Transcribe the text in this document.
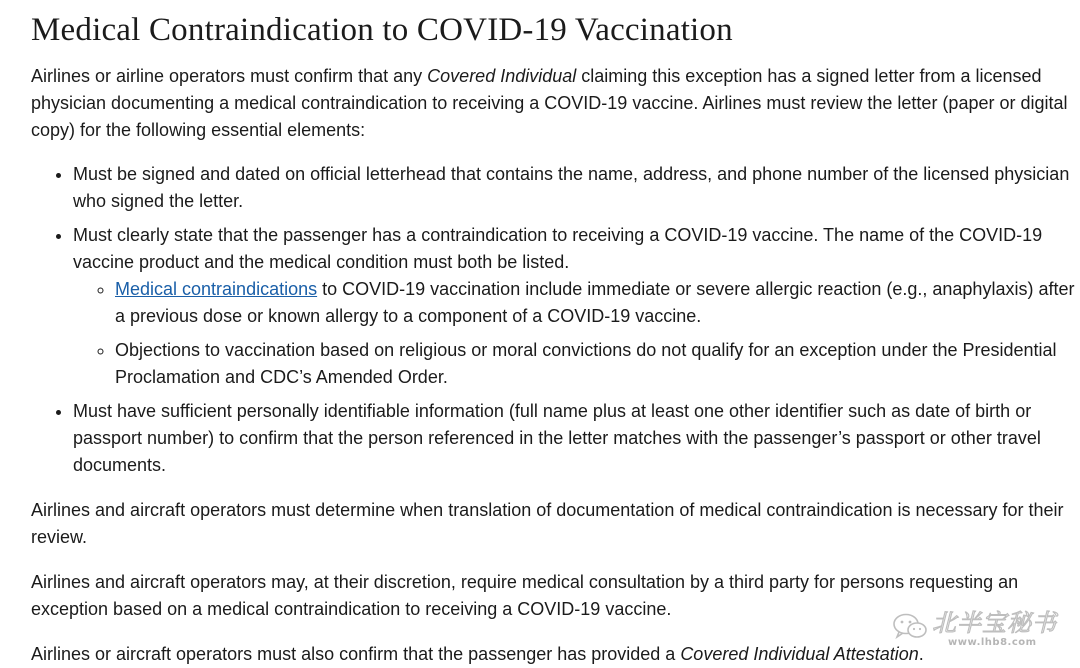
Medical Contraindication to COVID-19 Vaccination

Airlines or airline operators must confirm that any Covered Individual claiming this exception has a signed letter from a licensed physician documenting a medical contraindication to receiving a COVID-19 vaccine. Airlines must review the letter (paper or digital copy) for the following essential elements:

• Must be signed and dated on official letterhead that contains the name, address, and phone number of the licensed physician who signed the letter.
• Must clearly state that the passenger has a contraindication to receiving a COVID-19 vaccine. The name of the COVID-19 vaccine product and the medical condition must both be listed.
◦ Medical contraindications to COVID-19 vaccination include immediate or severe allergic reaction (e.g., anaphylaxis) after a previous dose or known allergy to a component of a COVID-19 vaccine.
◦ Objections to vaccination based on religious or moral convictions do not qualify for an exception under the Presidential Proclamation and CDC’s Amended Order.
• Must have sufficient personally identifiable information (full name plus at least one other identifier such as date of birth or passport number) to confirm that the person referenced in the letter matches with the passenger’s passport or other travel documents.

Airlines and aircraft operators must determine when translation of documentation of medical contraindication is necessary for their review.

Airlines and aircraft operators may, at their discretion, require medical consultation by a third party for persons requesting an exception based on a medical contraindication to receiving a COVID-19 vaccine.

Airlines or aircraft operators must also confirm that the passenger has provided a Covered Individual Attestation.

北半宝秘书
www.lhb8.com
